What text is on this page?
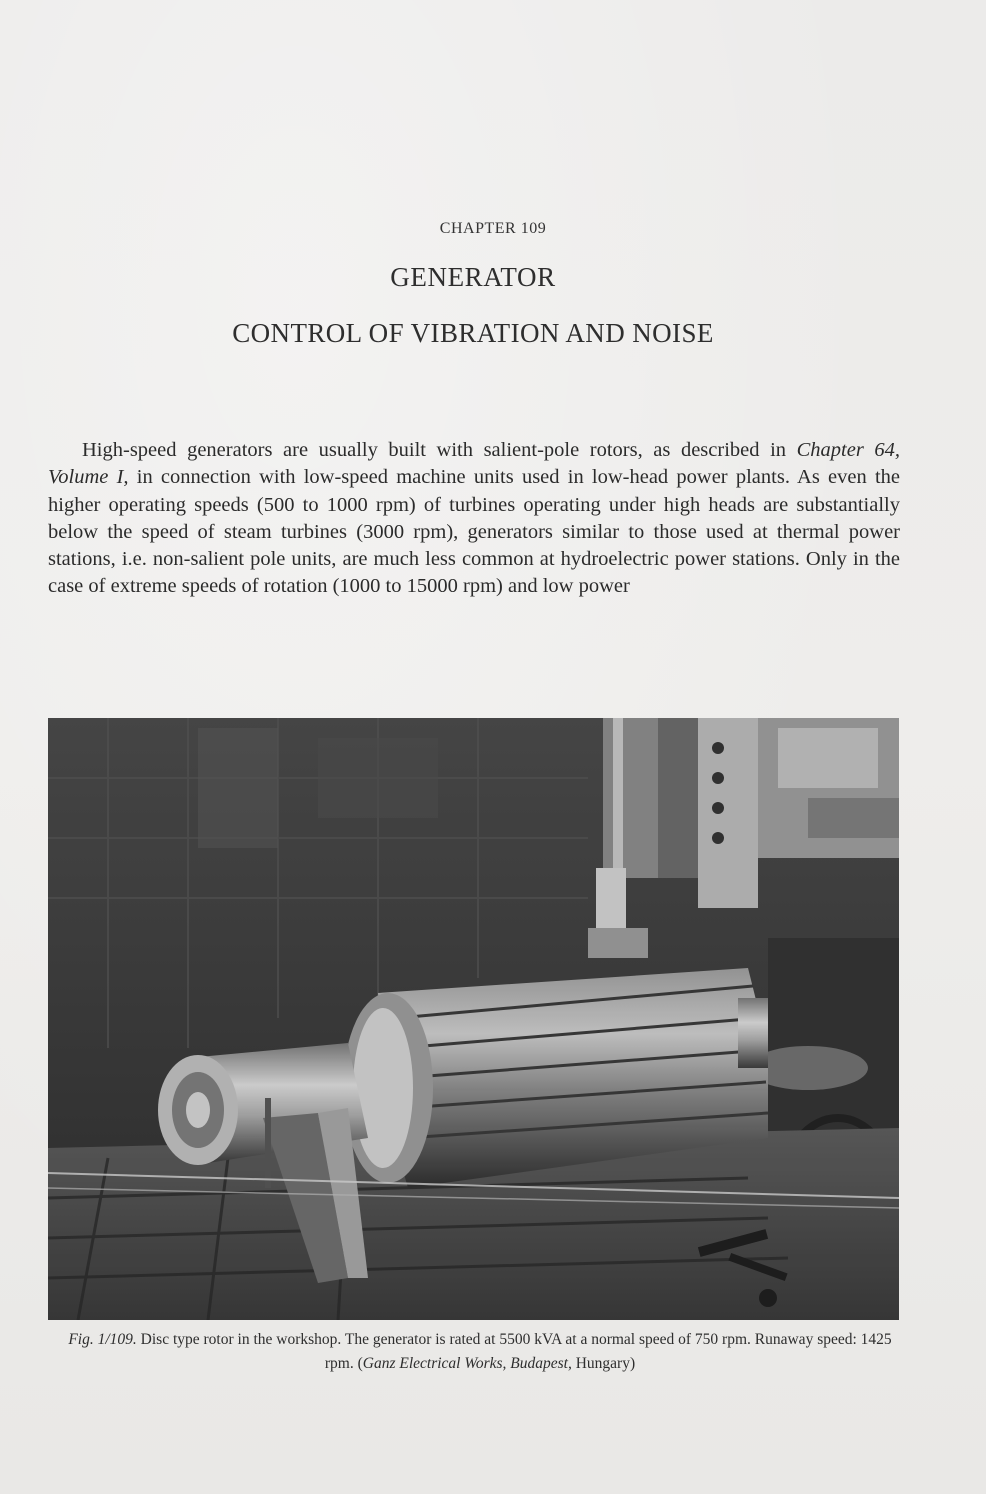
CHAPTER 109
GENERATOR
CONTROL OF VIBRATION AND NOISE

High-speed generators are usually built with salient-pole rotors, as described in Chapter 64, Volume I, in connection with low-speed machine units used in low-head power plants. As even the higher operating speeds (500 to 1000 rpm) of turbines operating under high heads are substantially below the speed of steam turbines (3000 rpm), generators similar to those used at thermal power stations, i.e. non-salient pole units, are much less common at hydroelectric power stations. Only in the case of extreme speeds of rotation (1000 to 15000 rpm) and low power

Fig. 1/109. Disc type rotor in the workshop. The generator is rated at 5500 kVA at a normal speed of 750 rpm. Runaway speed: 1425 rpm. (Ganz Electrical Works, Budapest, Hungary)
